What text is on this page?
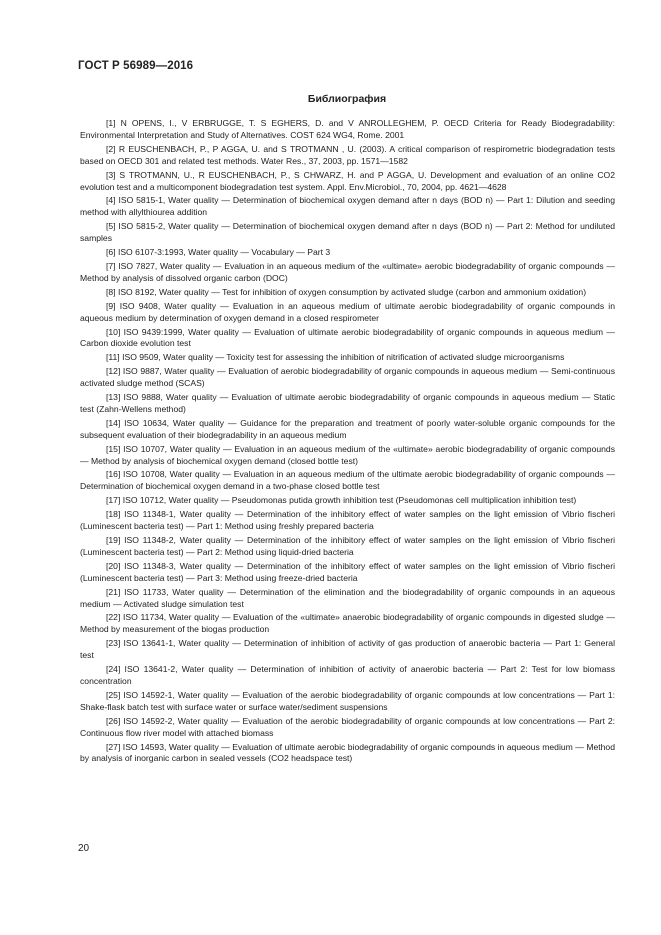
ГОСТ Р 56989—2016
Библиография
[1] N OPENS, I., V ERBRUGGE, T. S EGHERS, D. and V ANROLLEGHEM, P. OECD Criteria for Ready Biodegradability: Environmental Interpretation and Study of Alternatives. COST 624 WG4, Rome. 2001
[2] R EUSCHENBACH, P., P AGGA, U. and S TROTMANN , U. (2003). A critical comparison of respirometric biodegradation tests based on OECD 301 and related test methods. Water Res., 37, 2003, pp. 1571—1582
[3] S TROTMANN, U., R EUSCHENBACH, P., S CHWARZ, H. and P AGGA, U. Development and evaluation of an online CO2 evolution test and a multicomponent biodegradation test system. Appl. Env.Microbiol., 70, 2004, pp. 4621—4628
[4] ISO 5815-1, Water quality — Determination of biochemical oxygen demand after n days (BOD n) — Part 1: Dilution and seeding method with allylthiourea addition
[5] ISO 5815-2, Water quality — Determination of biochemical oxygen demand after n days (BOD n) — Part 2: Method for undiluted samples
[6] ISO 6107-3:1993, Water quality — Vocabulary — Part 3
[7] ISO 7827, Water quality — Evaluation in an aqueous medium of the «ultimate» aerobic biodegradability of organic compounds — Method by analysis of dissolved organic carbon (DOC)
[8] ISO 8192, Water quality — Test for inhibition of oxygen consumption by activated sludge (carbon and ammonium oxidation)
[9] ISO 9408, Water quality — Evaluation in an aqueous medium of ultimate aerobic biodegradability of organic compounds in aqueous medium by determination of oxygen demand in a closed respirometer
[10] ISO 9439:1999, Water quality — Evaluation of ultimate aerobic biodegradability of organic compounds in aqueous medium — Carbon dioxide evolution test
[11] ISO 9509, Water quality — Toxicity test for assessing the inhibition of nitrification of activated sludge microorganisms
[12] ISO 9887, Water quality — Evaluation of aerobic biodegradability of organic compounds in aqueous medium — Semi-continuous activated sludge method (SCAS)
[13] ISO 9888, Water quality — Evaluation of ultimate aerobic biodegradability of organic compounds in aqueous medium — Static test (Zahn-Wellens method)
[14] ISO 10634, Water quality — Guidance for the preparation and treatment of poorly water-soluble organic compounds for the subsequent evaluation of their biodegradability in an aqueous medium
[15] ISO 10707, Water quality — Evaluation in an aqueous medium of the «ultimate» aerobic biodegradability of organic compounds — Method by analysis of biochemical oxygen demand (closed bottle test)
[16] ISO 10708, Water quality — Evaluation in an aqueous medium of the ultimate aerobic biodegradability of organic compounds — Determination of biochemical oxygen demand in a two-phase closed bottle test
[17] ISO 10712, Water quality — Pseudomonas putida growth inhibition test (Pseudomonas cell multiplication inhibition test)
[18] ISO 11348-1, Water quality — Determination of the inhibitory effect of water samples on the light emission of Vibrio fischeri (Luminescent bacteria test) — Part 1: Method using freshly prepared bacteria
[19] ISO 11348-2, Water quality — Determination of the inhibitory effect of water samples on the light emission of Vibrio fischeri (Luminescent bacteria test) — Part 2: Method using liquid-dried bacteria
[20] ISO 11348-3, Water quality — Determination of the inhibitory effect of water samples on the light emission of Vibrio fischeri (Luminescent bacteria test) — Part 3: Method using freeze-dried bacteria
[21] ISO 11733, Water quality — Determination of the elimination and the biodegradability of organic compounds in an aqueous medium — Activated sludge simulation test
[22] ISO 11734, Water quality — Evaluation of the «ultimate» anaerobic biodegradability of organic compounds in digested sludge — Method by measurement of the biogas production
[23] ISO 13641-1, Water quality — Determination of inhibition of activity of gas production of anaerobic bacteria — Part 1: General test
[24] ISO 13641-2, Water quality — Determination of inhibition of activity of anaerobic bacteria — Part 2: Test for low biomass concentration
[25] ISO 14592-1, Water quality — Evaluation of the aerobic biodegradability of organic compounds at low concentrations — Part 1: Shake-flask batch test with surface water or surface water/sediment suspensions
[26] ISO 14592-2, Water quality — Evaluation of the aerobic biodegradability of organic compounds at low concentrations — Part 2: Continuous flow river model with attached biomass
[27] ISO 14593, Water quality — Evaluation of ultimate aerobic biodegradability of organic compounds in aqueous medium — Method by analysis of inorganic carbon in sealed vessels (CO2 headspace test)
20
